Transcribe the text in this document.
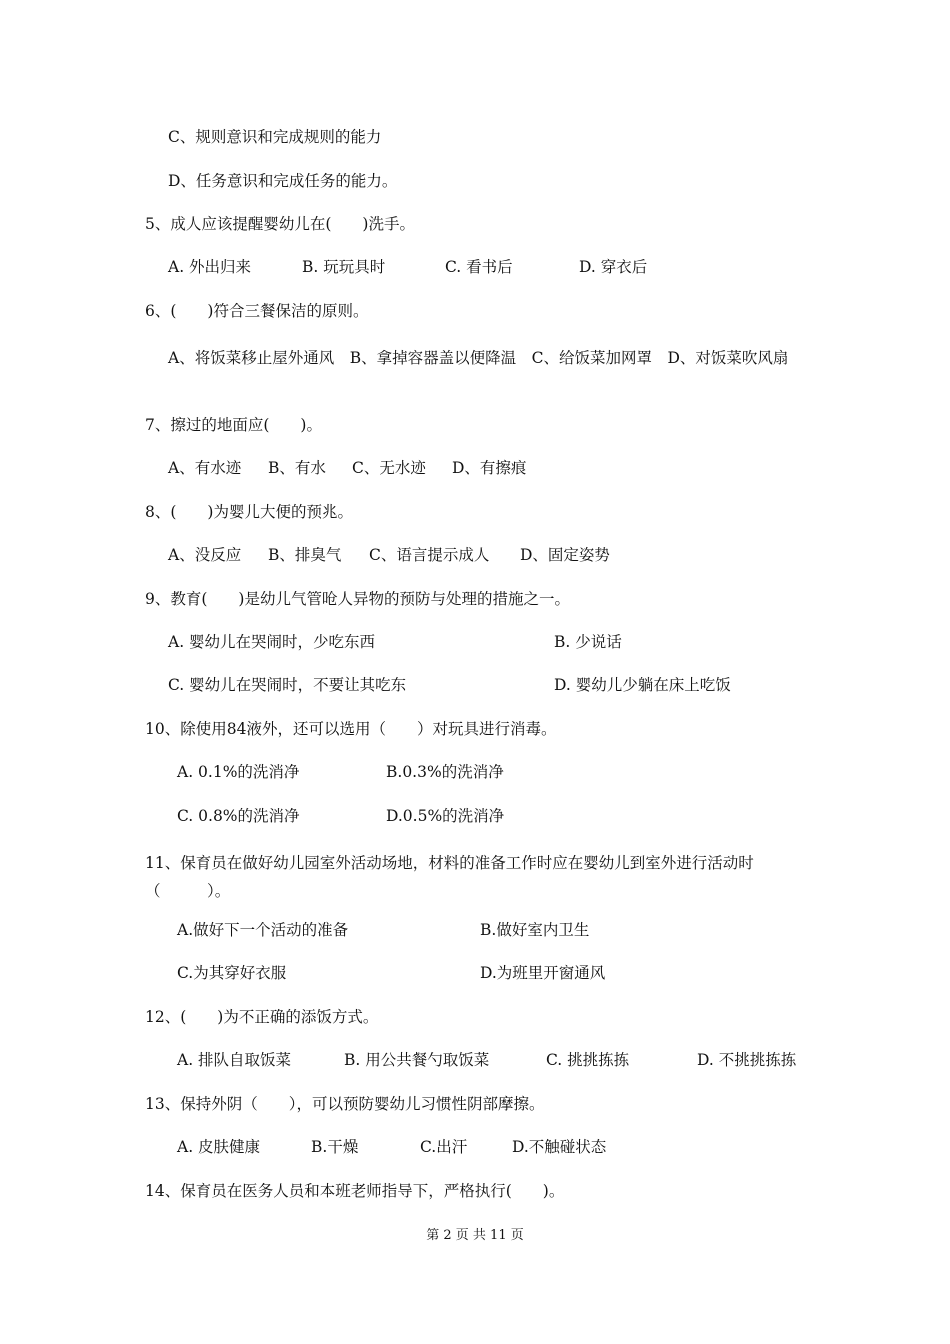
C、规则意识和完成规则的能力

D、任务意识和完成任务的能力。

5、成人应该提醒婴幼儿在(　　)洗手。

A. 外出归来	B. 玩玩具时	C. 看书后	D. 穿衣后

6、(　　)符合三餐保洁的原则。

A、将饭菜移止屋外通风　B、拿掉容器盖以便降温　C、给饭菜加网罩　D、对饭菜吹风扇

7、擦过的地面应(　　)。

A、有水迹 B、有水 C、无水迹 D、有擦痕

8、(　　)为婴儿大便的预兆。

A、没反应 B、排臭气 C、语言提示成人 D、固定姿势

9、教育(　　)是幼儿气管呛人异物的预防与处理的措施之一。

A. 婴幼儿在哭闹时，少吃东西	B. 少说话

C. 婴幼儿在哭闹时，不要让其吃东	D. 婴幼儿少躺在床上吃饭

10、除使用84液外，还可以选用（　　）对玩具进行消毒。

A. 0.1%的洗消净	B.0.3%的洗消净

C. 0.8%的洗消净	D.0.5%的洗消净

11、保育员在做好幼儿园室外活动场地，材料的准备工作时应在婴幼儿到室外进行活动时（　　　）。

A.做好下一个活动的准备	B.做好室内卫生

C.为其穿好衣服	D.为班里开窗通风

12、(　　)为不正确的添饭方式。

A. 排队自取饭菜	B. 用公共餐勺取饭菜	C. 挑挑拣拣	D. 不挑挑拣拣

13、保持外阴（　　），可以预防婴幼儿习惯性阴部摩擦。

A. 皮肤健康	B.干燥	C.出汗	D.不触碰状态

14、保育员在医务人员和本班老师指导下，严格执行(　　)。

第 2 页 共 11 页
